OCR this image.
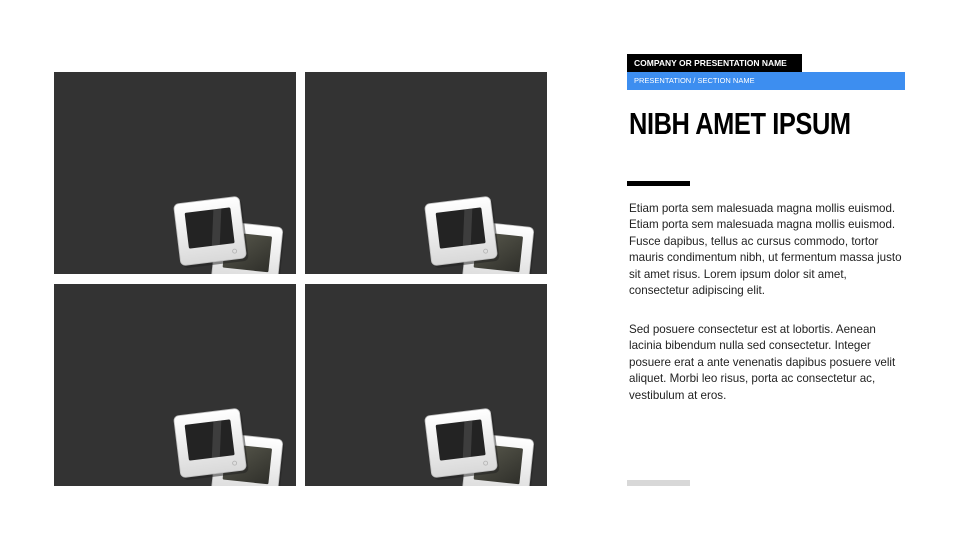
COMPANY OR PRESENTATION NAME
PRESENTATION / SECTION NAME
NIBH AMET IPSUM

Etiam porta sem malesuada magna mollis euismod. Etiam porta sem malesuada magna mollis euismod. Fusce dapibus, tellus ac cursus commodo, tortor mauris condimentum nibh, ut fermentum massa justo sit amet risus. Lorem ipsum dolor sit amet, consectetur adipiscing elit.

Sed posuere consectetur est at lobortis. Aenean lacinia bibendum nulla sed consectetur. Integer posuere erat a ante venenatis dapibus posuere velit aliquet. Morbi leo risus, porta ac consectetur ac, vestibulum at eros.
